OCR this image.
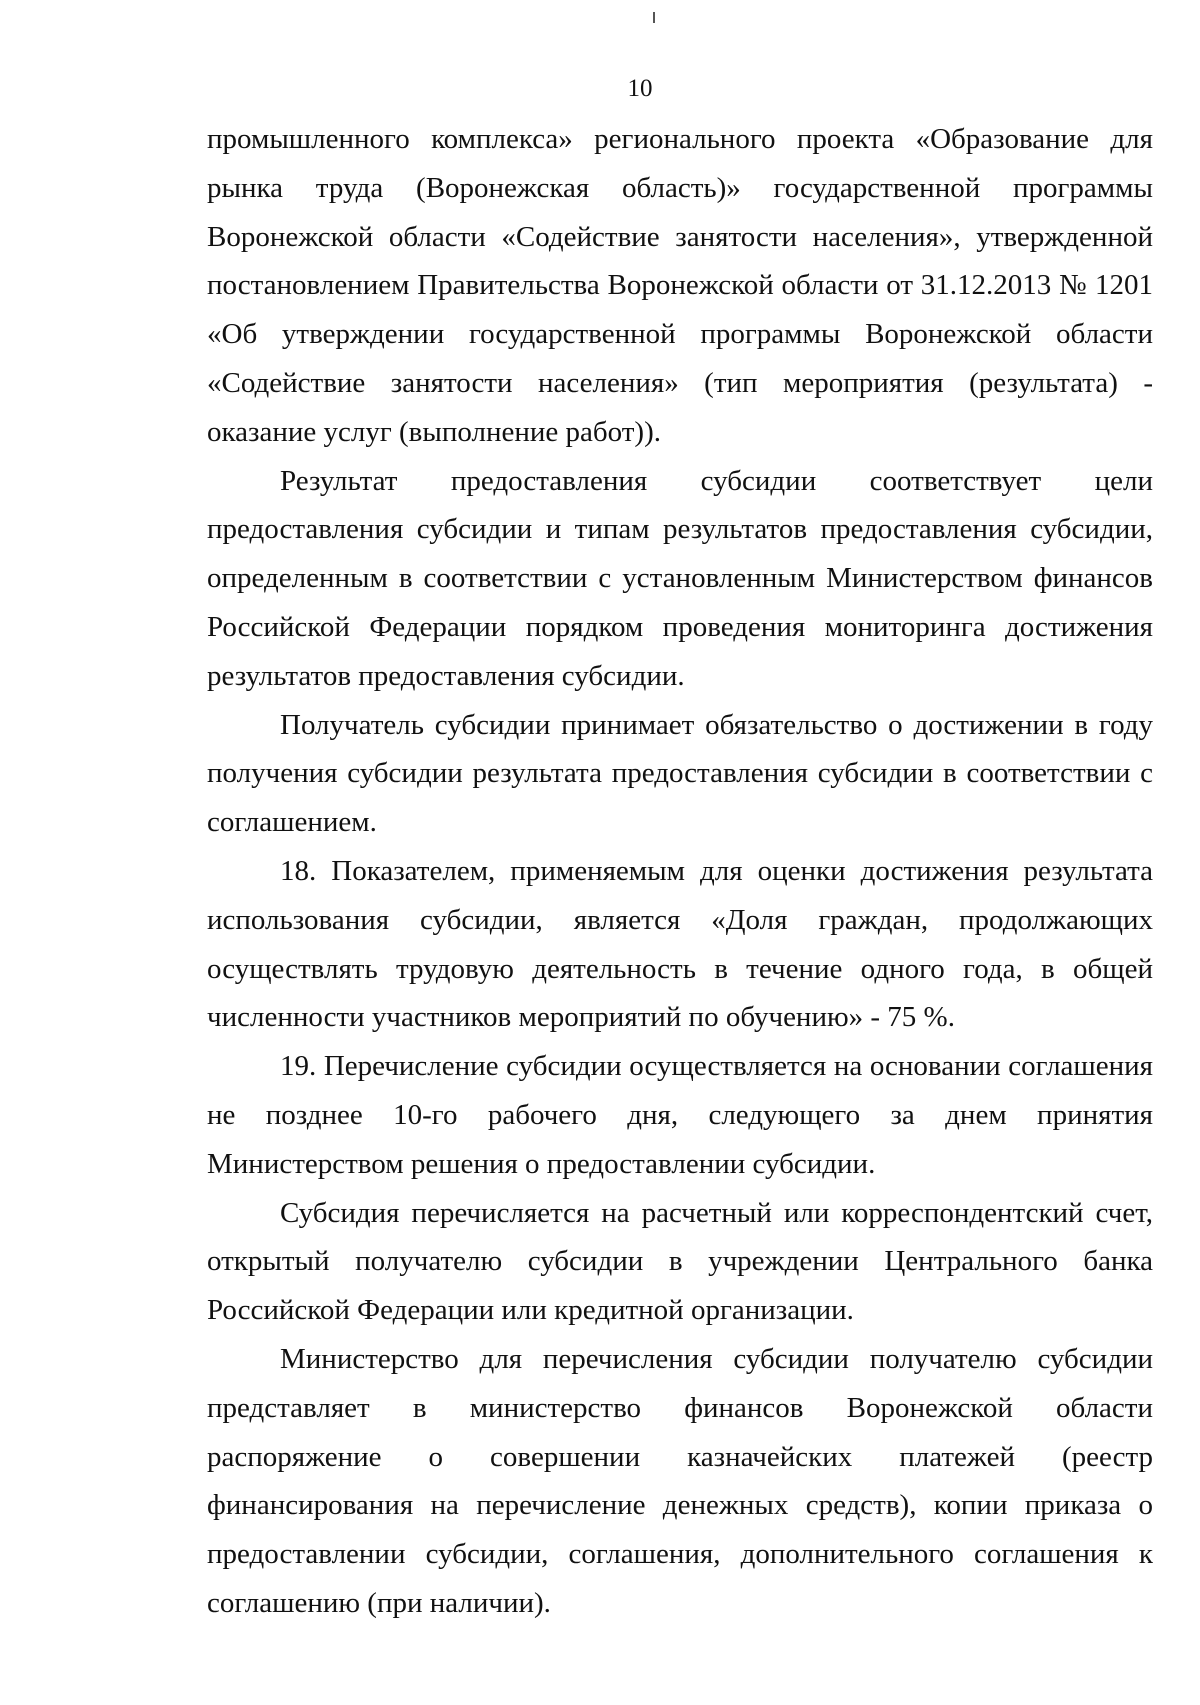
10

промышленного комплекса» регионального проекта «Образование для рынка труда (Воронежская область)» государственной программы Воронежской области «Содействие занятости населения», утвержденной постановлением Правительства Воронежской области от 31.12.2013 № 1201 «Об утверждении государственной программы Воронежской области «Содействие занятости населения» (тип мероприятия (результата) - оказание услуг (выполнение работ)).

Результат предоставления субсидии соответствует цели предоставления субсидии и типам результатов предоставления субсидии, определенным в соответствии с установленным Министерством финансов Российской Федерации порядком проведения мониторинга достижения результатов предоставления субсидии.

Получатель субсидии принимает обязательство о достижении в году получения субсидии результата предоставления субсидии в соответствии с соглашением.

18. Показателем, применяемым для оценки достижения результата использования субсидии, является «Доля граждан, продолжающих осуществлять трудовую деятельность в течение одного года, в общей численности участников мероприятий по обучению» - 75 %.

19. Перечисление субсидии осуществляется на основании соглашения не позднее 10-го рабочего дня, следующего за днем принятия Министерством решения о предоставлении субсидии.

Субсидия перечисляется на расчетный или корреспондентский счет, открытый получателю субсидии в учреждении Центрального банка Российской Федерации или кредитной организации.

Министерство для перечисления субсидии получателю субсидии представляет в министерство финансов Воронежской области распоряжение о совершении казначейских платежей (реестр финансирования на перечисление денежных средств), копии приказа о предоставлении субсидии, соглашения, дополнительного соглашения к соглашению (при наличии).
